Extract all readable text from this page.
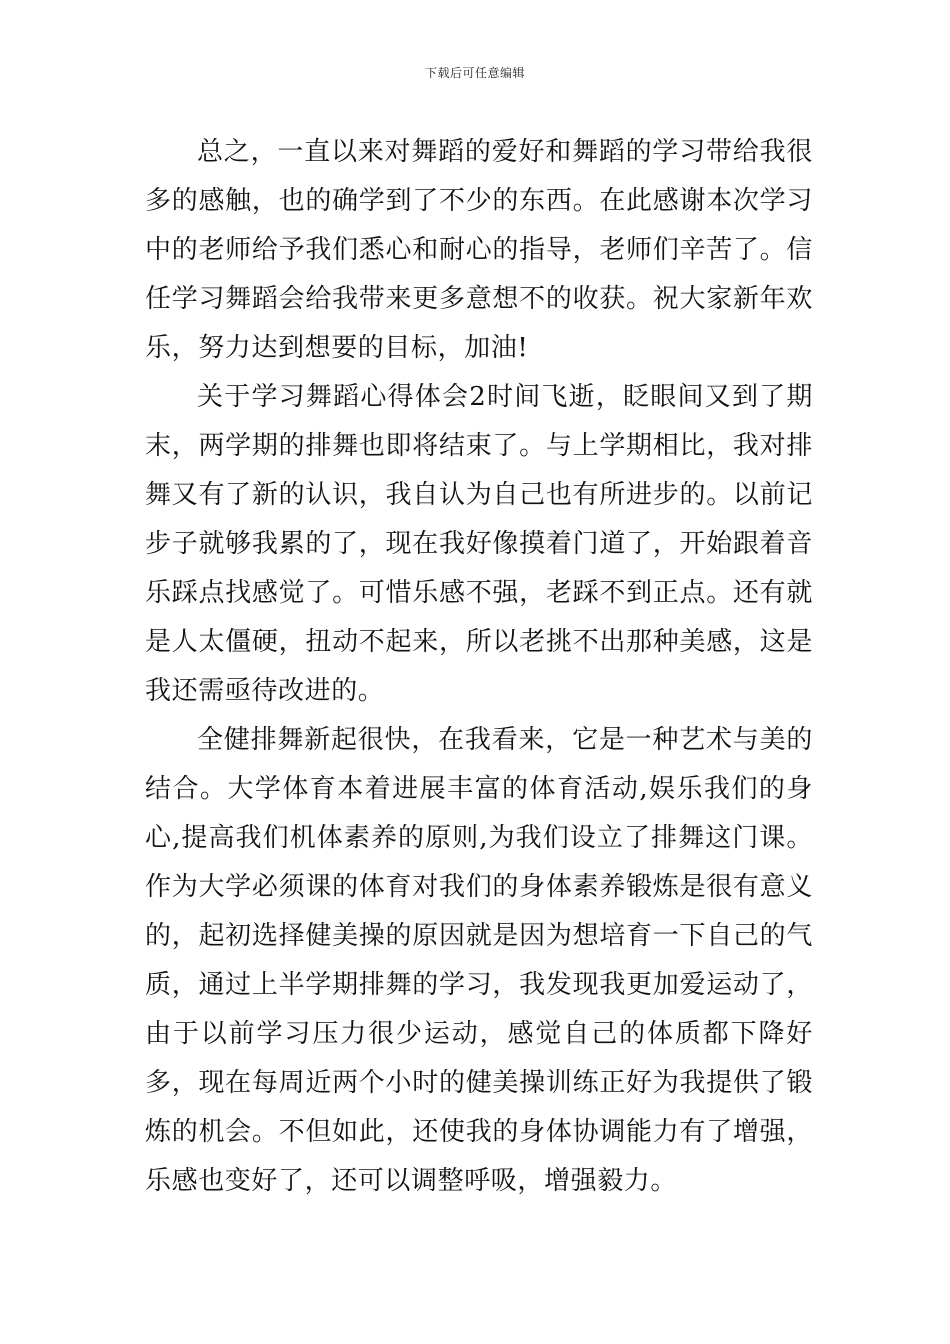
下载后可任意编辑

总之，一直以来对舞蹈的爱好和舞蹈的学习带给我很多的感触，也的确学到了不少的东西。在此感谢本次学习中的老师给予我们悉心和耐心的指导，老师们辛苦了。信任学习舞蹈会给我带来更多意想不的收获。祝大家新年欢乐，努力达到想要的目标，加油!

关于学习舞蹈心得体会2时间飞逝，眨眼间又到了期末，两学期的排舞也即将结束了。与上学期相比，我对排舞又有了新的认识，我自认为自己也有所进步的。以前记步子就够我累的了，现在我好像摸着门道了，开始跟着音乐踩点找感觉了。可惜乐感不强，老踩不到正点。还有就是人太僵硬，扭动不起来，所以老挑不出那种美感，这是我还需亟待改进的。

全健排舞新起很快，在我看来，它是一种艺术与美的结合。大学体育本着进展丰富的体育活动,娱乐我们的身心,提高我们机体素养的原则,为我们设立了排舞这门课。作为大学必须课的体育对我们的身体素养锻炼是很有意义的，起初选择健美操的原因就是因为想培育一下自己的气质，通过上半学期排舞的学习，我发现我更加爱运动了，由于以前学习压力很少运动，感觉自己的体质都下降好多，现在每周近两个小时的健美操训练正好为我提供了锻炼的机会。不但如此，还使我的身体协调能力有了增强，乐感也变好了，还可以调整呼吸，增强毅力。
